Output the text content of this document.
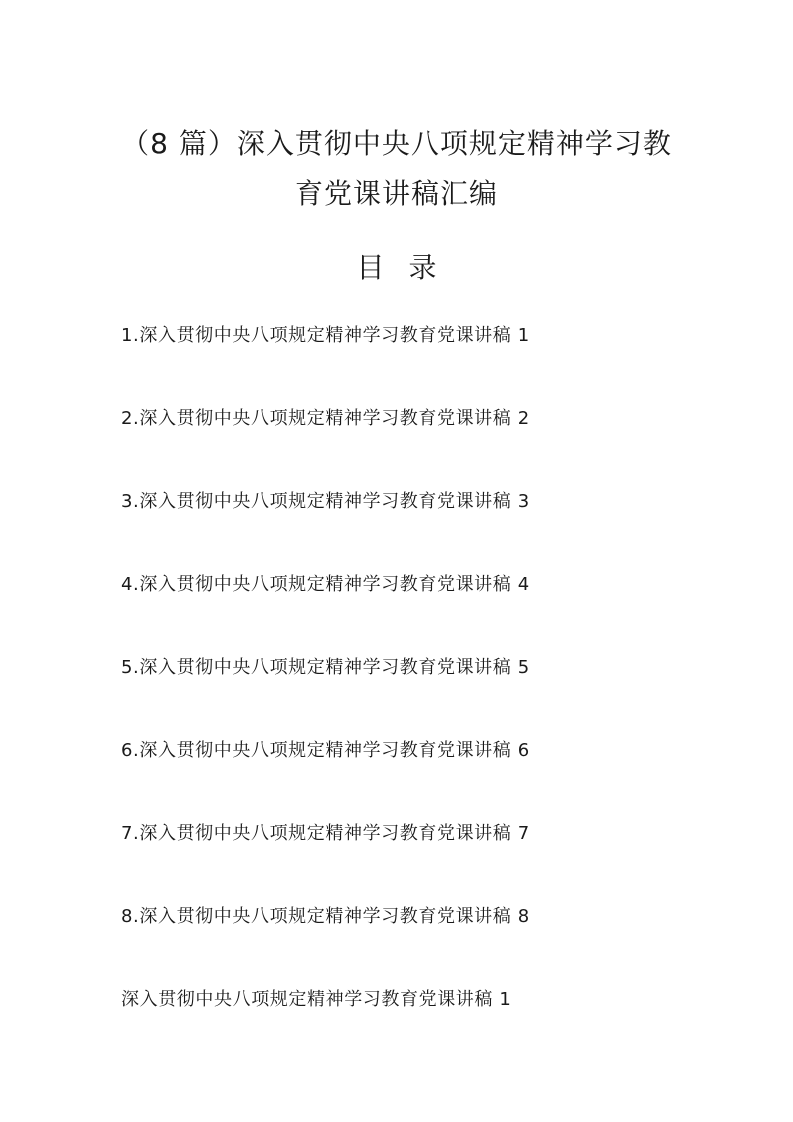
（8 篇）深入贯彻中央八项规定精神学习教
育党课讲稿汇编
目录
1.深入贯彻中央八项规定精神学习教育党课讲稿 1
2.深入贯彻中央八项规定精神学习教育党课讲稿 2
3.深入贯彻中央八项规定精神学习教育党课讲稿 3
4.深入贯彻中央八项规定精神学习教育党课讲稿 4
5.深入贯彻中央八项规定精神学习教育党课讲稿 5
6.深入贯彻中央八项规定精神学习教育党课讲稿 6
7.深入贯彻中央八项规定精神学习教育党课讲稿 7
8.深入贯彻中央八项规定精神学习教育党课讲稿 8
深入贯彻中央八项规定精神学习教育党课讲稿 1
